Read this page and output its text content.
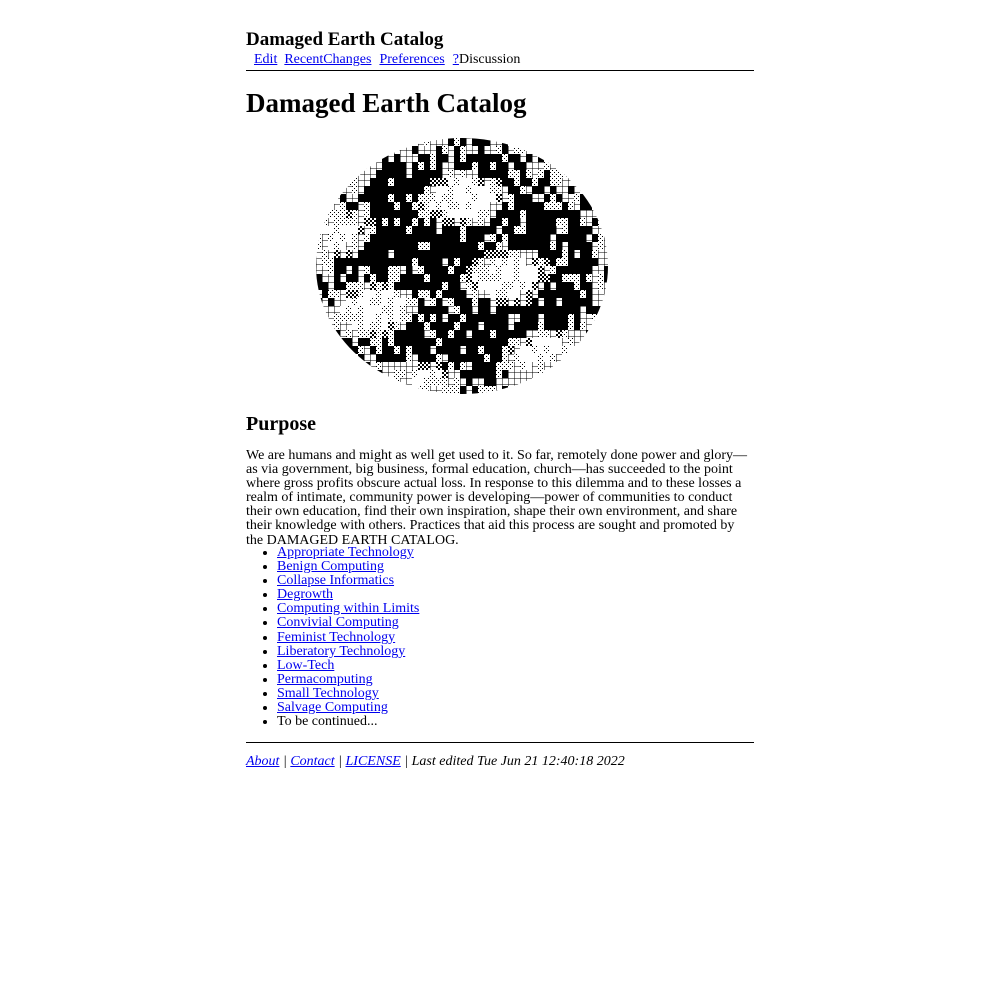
Damaged Earth Catalog
Edit RecentChanges Preferences ?Discussion
Damaged Earth Catalog
Purpose

We are humans and might as well get used to it. So far, remotely done power and glory—as via government, big business, formal education, church—has succeeded to the point where gross profits obscure actual loss. In response to this dilemma and to these losses a realm of intimate, community power is developing—power of communities to conduct their own education, find their own inspiration, shape their own environment, and share their knowledge with others. Practices that aid this process are sought and promoted by the DAMAGED EARTH CATALOG.

• Appropriate Technology
• Benign Computing
• Collapse Informatics
• Degrowth
• Computing within Limits
• Convivial Computing
• Feminist Technology
• Liberatory Technology
• Low-Tech
• Permacomputing
• Small Technology
• Salvage Computing
• To be continued...
About | Contact | LICENSE | Last edited Tue Jun 21 12:40:18 2022
